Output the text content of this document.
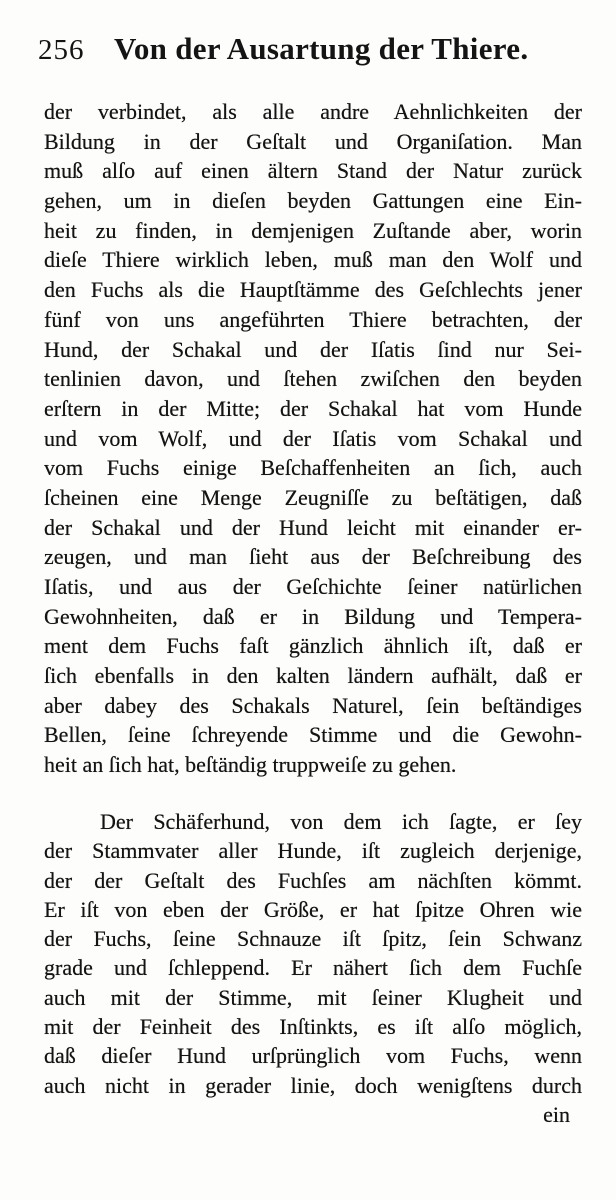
256 Von der Ausartung der Thiere.
der verbindet, als alle andre Aehnlichkeiten der
Bildung in der Geſtalt und Organiſation. Man
muß alſo auf einen ältern Stand der Natur zurück
gehen, um in dieſen beyden Gattungen eine Ein-
heit zu finden, in demjenigen Zuſtande aber, worin
dieſe Thiere wirklich leben, muß man den Wolf und
den Fuchs als die Hauptſtämme des Geſchlechts jener
fünf von uns angeführten Thiere betrachten, der
Hund, der Schakal und der Iſatis ſind nur Sei-
tenlinien davon, und ſtehen zwiſchen den beyden
erſtern in der Mitte; der Schakal hat vom Hunde
und vom Wolf, und der Iſatis vom Schakal und
vom Fuchs einige Beſchaffenheiten an ſich, auch
ſcheinen eine Menge Zeugniſſe zu beſtätigen, daß
der Schakal und der Hund leicht mit einander er-
zeugen, und man ſieht aus der Beſchreibung des
Iſatis, und aus der Geſchichte ſeiner natürlichen
Gewohnheiten, daß er in Bildung und Tempera-
ment dem Fuchs faſt gänzlich ähnlich iſt, daß er
ſich ebenfalls in den kalten ländern aufhält, daß er
aber dabey des Schakals Naturel, ſein beſtändiges
Bellen, ſeine ſchreyende Stimme und die Gewohn-
heit an ſich hat, beſtändig truppweiſe zu gehen.
Der Schäferhund, von dem ich ſagte, er ſey
der Stammvater aller Hunde, iſt zugleich derjenige,
der der Geſtalt des Fuchſes am nächſten kömmt.
Er iſt von eben der Größe, er hat ſpitze Ohren wie
der Fuchs, ſeine Schnauze iſt ſpitz, ſein Schwanz
grade und ſchleppend. Er nähert ſich dem Fuchſe
auch mit der Stimme, mit ſeiner Klugheit und
mit der Feinheit des Inſtinkts, es iſt alſo möglich,
daß dieſer Hund urſprünglich vom Fuchs, wenn
auch nicht in gerader linie, doch wenigſtens durch
ein
